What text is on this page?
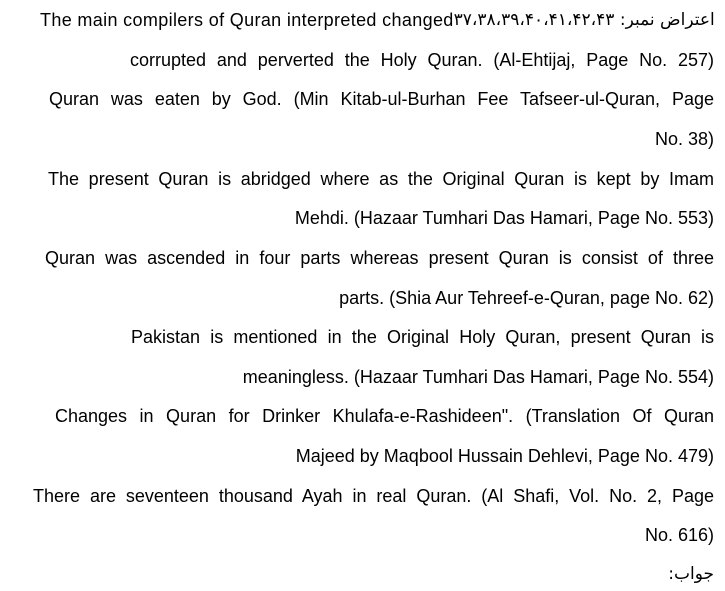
The main compilers of Quran interpreted changed اعتراض نمبر: ۳۷،۳۸،۳۹،۴۰،۴۱،۴۲،۴۳
corrupted and perverted the Holy Quran. (Al-Ehtijaj, Page No. 257)
Quran was eaten by God. (Min Kitab-ul-Burhan Fee Tafseer-ul-Quran, Page
No. 38)
The present Quran is abridged where as the Original Quran is kept by Imam
Mehdi. (Hazaar Tumhari Das Hamari, Page No. 553)
Quran was ascended in four parts whereas present Quran is consist of three
parts. (Shia Aur Tehreef-e-Quran, page No. 62)
Pakistan is mentioned in the Original Holy Quran, present Quran is
meaningless. (Hazaar Tumhari Das Hamari, Page No. 554)
Changes in Quran for Drinker Khulafa-e-Rashideen". (Translation Of Quran
Majeed by Maqbool Hussain Dehlevi, Page No. 479)
There are seventeen thousand Ayah in real Quran. (Al Shafi, Vol. No. 2, Page
No. 616)
جواب:
